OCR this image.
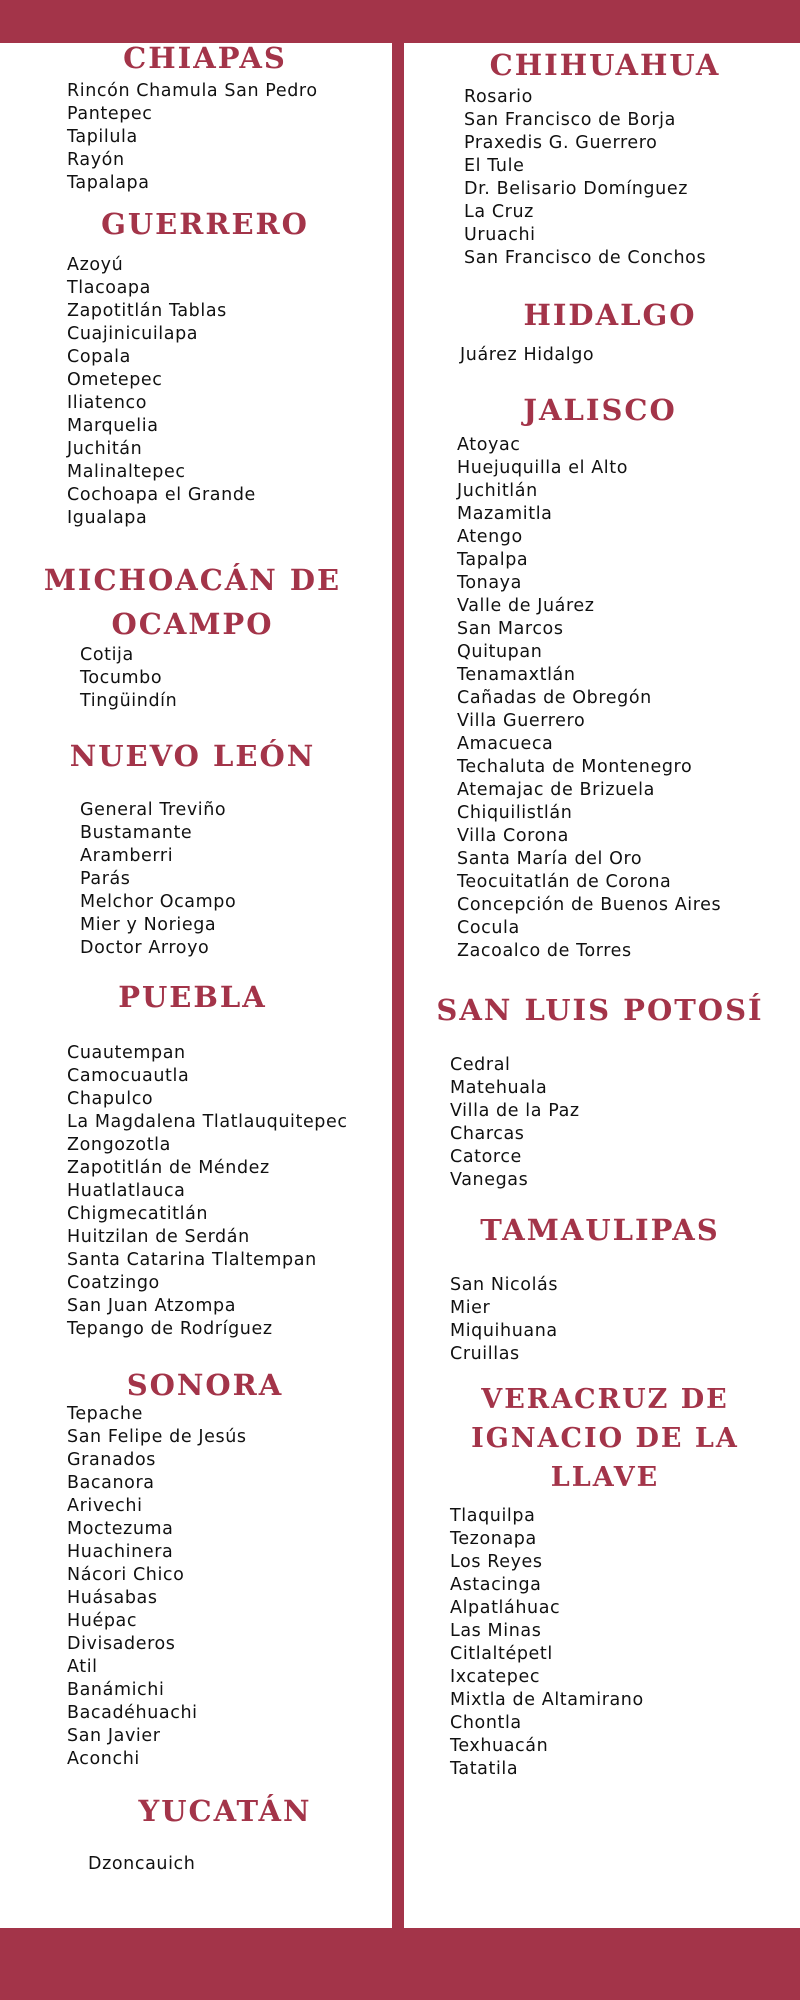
CHIAPAS
Rincón Chamula San Pedro
Pantepec
Tapilula
Rayón
Tapalapa
GUERRERO
Azoyú
Tlacoapa
Zapotitlán Tablas
Cuajinicuilapa
Copala
Ometepec
Iliatenco
Marquelia
Juchitán
Malinaltepec
Cochoapa el Grande
Igualapa
MICHOACÁN DE OCAMPO
Cotija
Tocumbo
Tingüindín
NUEVO LEÓN
General Treviño
Bustamante
Aramberri
Parás
Melchor Ocampo
Mier y Noriega
Doctor Arroyo
PUEBLA
Cuautempan
Camocuautla
Chapulco
La Magdalena Tlatlauquitepec
Zongozotla
Zapotitlán de Méndez
Huatlatlauca
Chigmecatitlán
Huitzilan de Serdán
Santa Catarina Tlaltempan
Coatzingo
San Juan Atzompa
Tepango de Rodríguez
SONORA
Tepache
San Felipe de Jesús
Granados
Bacanora
Arivechi
Moctezuma
Huachinera
Nácori Chico
Huásabas
Huépac
Divisaderos
Atil
Banámichi
Bacadéhuachi
San Javier
Aconchi
YUCATÁN
Dzoncauich
CHIHUAHUA
Rosario
San Francisco de Borja
Praxedis G. Guerrero
El Tule
Dr. Belisario Domínguez
La Cruz
Uruachi
San Francisco de Conchos
HIDALGO
Juárez Hidalgo
JALISCO
Atoyac
Huejuquilla el Alto
Juchitlán
Mazamitla
Atengo
Tapalpa
Tonaya
Valle de Juárez
San Marcos
Quitupan
Tenamaxtlán
Cañadas de Obregón
Villa Guerrero
Amacueca
Techaluta de Montenegro
Atemajac de Brizuela
Chiquilistlán
Villa Corona
Santa María del Oro
Teocuitatlán de Corona
Concepción de Buenos Aires
Cocula
Zacoalco de Torres
SAN LUIS POTOSÍ
Cedral
Matehuala
Villa de la Paz
Charcas
Catorce
Vanegas
TAMAULIPAS
San Nicolás
Mier
Miquihuana
Cruillas
VERACRUZ DE IGNACIO DE LA LLAVE
Tlaquilpa
Tezonapa
Los Reyes
Astacinga
Alpatláhuac
Las Minas
Citlaltépetl
Ixcatepec
Mixtla de Altamirano
Chontla
Texhuacán
Tatatila
